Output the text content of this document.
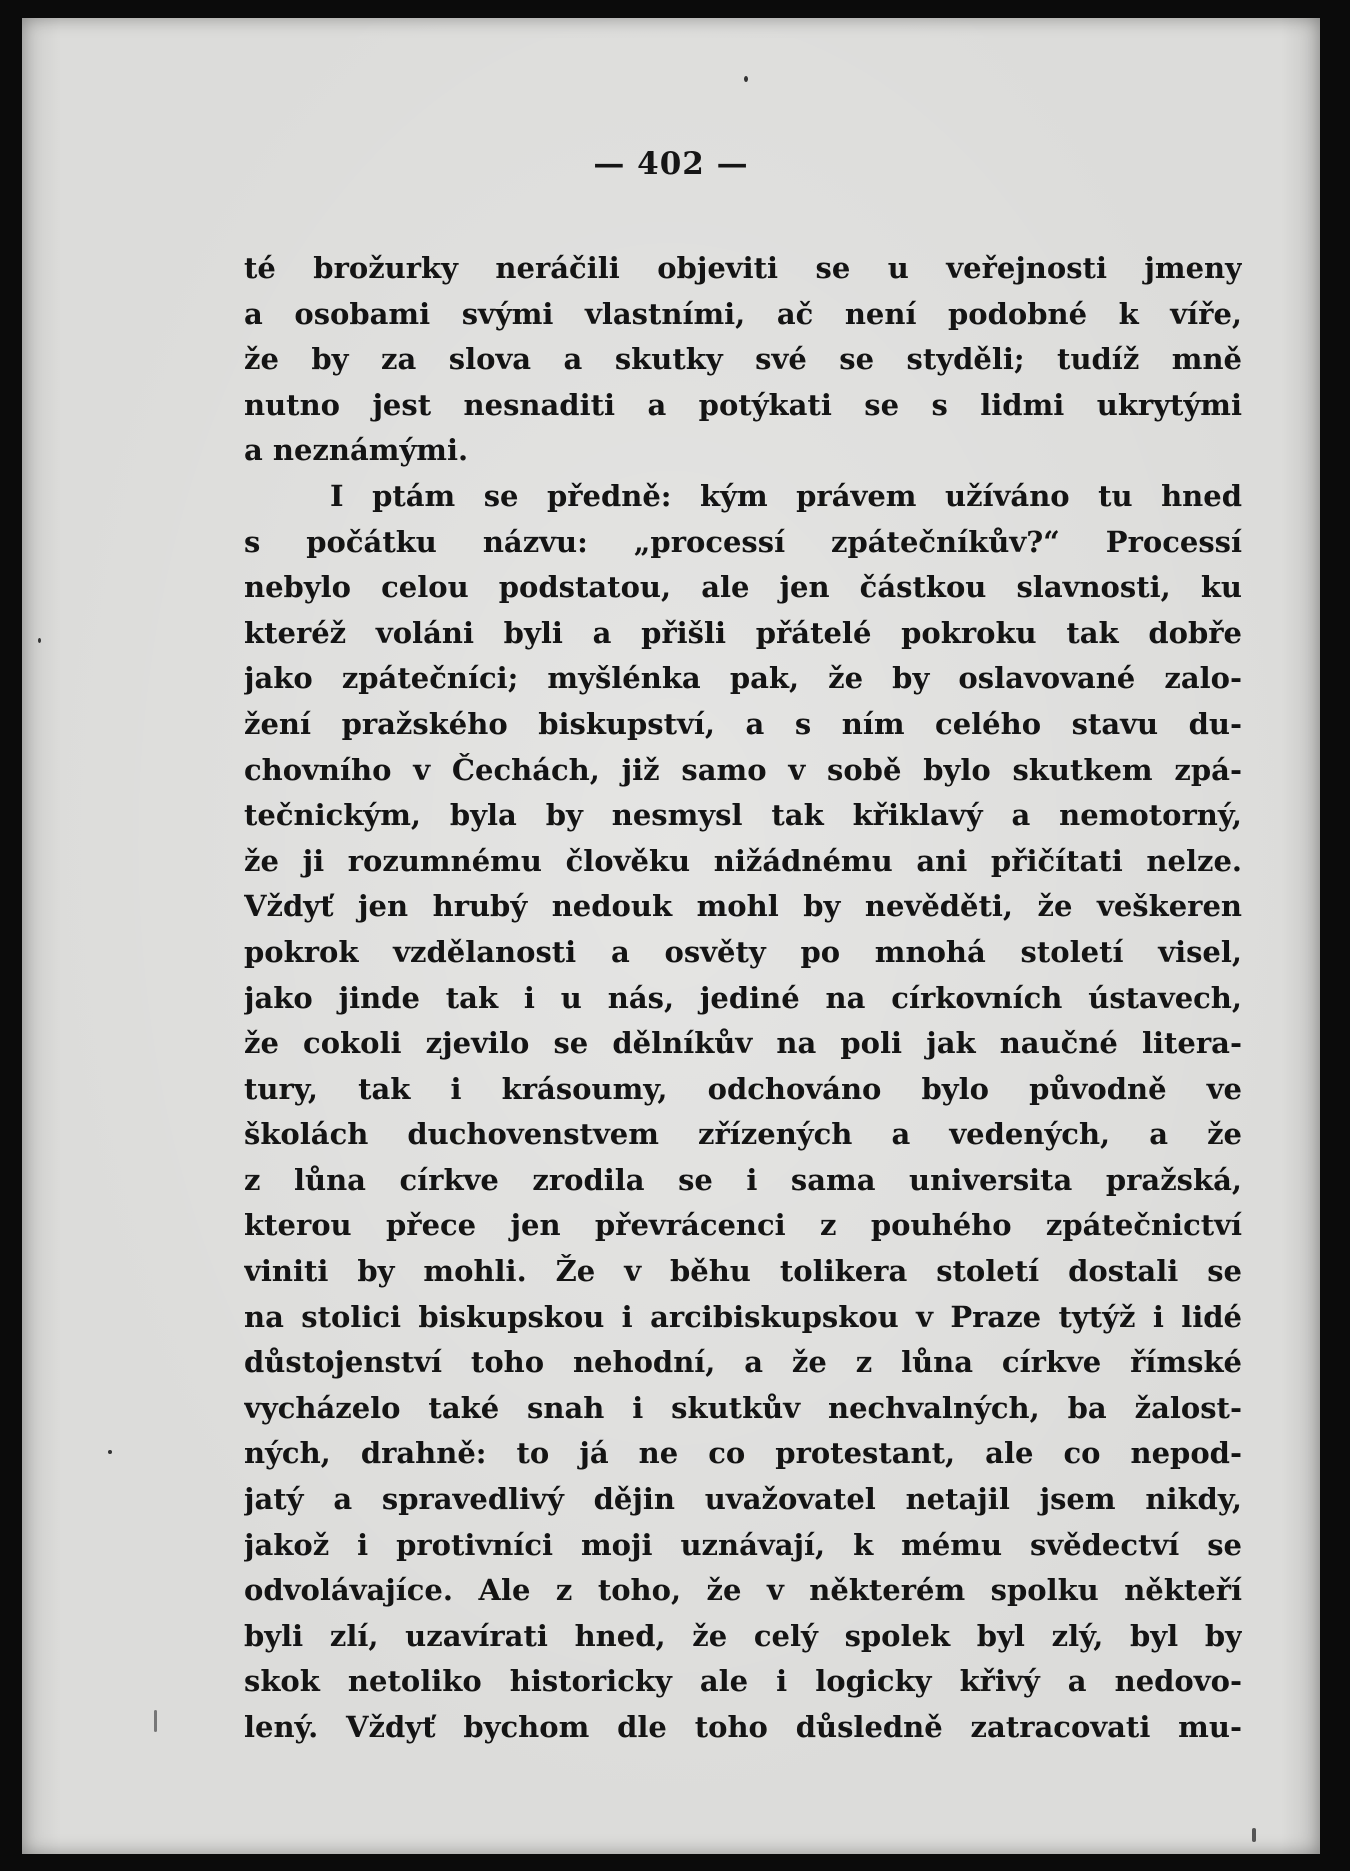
— 402 —
té brožurky neráčili objeviti se u veřejnosti jmeny
a osobami svými vlastními, ač není podobné k víře,
že by za slova a skutky své se styděli; tudíž mně
nutno jest nesnaditi a potýkati se s lidmi ukrytými
a neznámými.
I ptám se předně: kým právem užíváno tu hned
s počátku názvu: „processí zpátečníkův?“ Processí
nebylo celou podstatou, ale jen částkou slavnosti, ku
kteréž voláni byli a přišli přátelé pokroku tak dobře
jako zpátečníci; myšlénka pak, že by oslavované zalo-
žení pražského biskupství, a s ním celého stavu du-
chovního v Čechách, již samo v sobě bylo skutkem zpá-
tečnickým, byla by nesmysl tak křiklavý a nemotorný,
že ji rozumnému člověku nižádnému ani přičítati nelze.
Vždyť jen hrubý nedouk mohl by nevěděti, že veškeren
pokrok vzdělanosti a osvěty po mnohá století visel,
jako jinde tak i u nás, jediné na církovních ústavech,
že cokoli zjevilo se dělníkův na poli jak naučné litera-
tury, tak i krásoumy, odchováno bylo původně ve
školách duchovenstvem zřízených a vedených, a že
z lůna církve zrodila se i sama universita pražská,
kterou přece jen převrácenci z pouhého zpátečnictví
viniti by mohli. Že v běhu tolikera století dostali se
na stolici biskupskou i arcibiskupskou v Praze tytýž i lidé
důstojenství toho nehodní, a že z lůna církve římské
vycházelo také snah i skutkův nechvalných, ba žalost-
ných, drahně: to já ne co protestant, ale co nepod-
jatý a spravedlivý dějin uvažovatel netajil jsem nikdy,
jakož i protivníci moji uznávají, k mému svědectví se
odvolávajíce. Ale z toho, že v některém spolku někteří
byli zlí, uzavírati hned, že celý spolek byl zlý, byl by
skok netoliko historicky ale i logicky křivý a nedovo-
lený. Vždyť bychom dle toho důsledně zatracovati mu-
